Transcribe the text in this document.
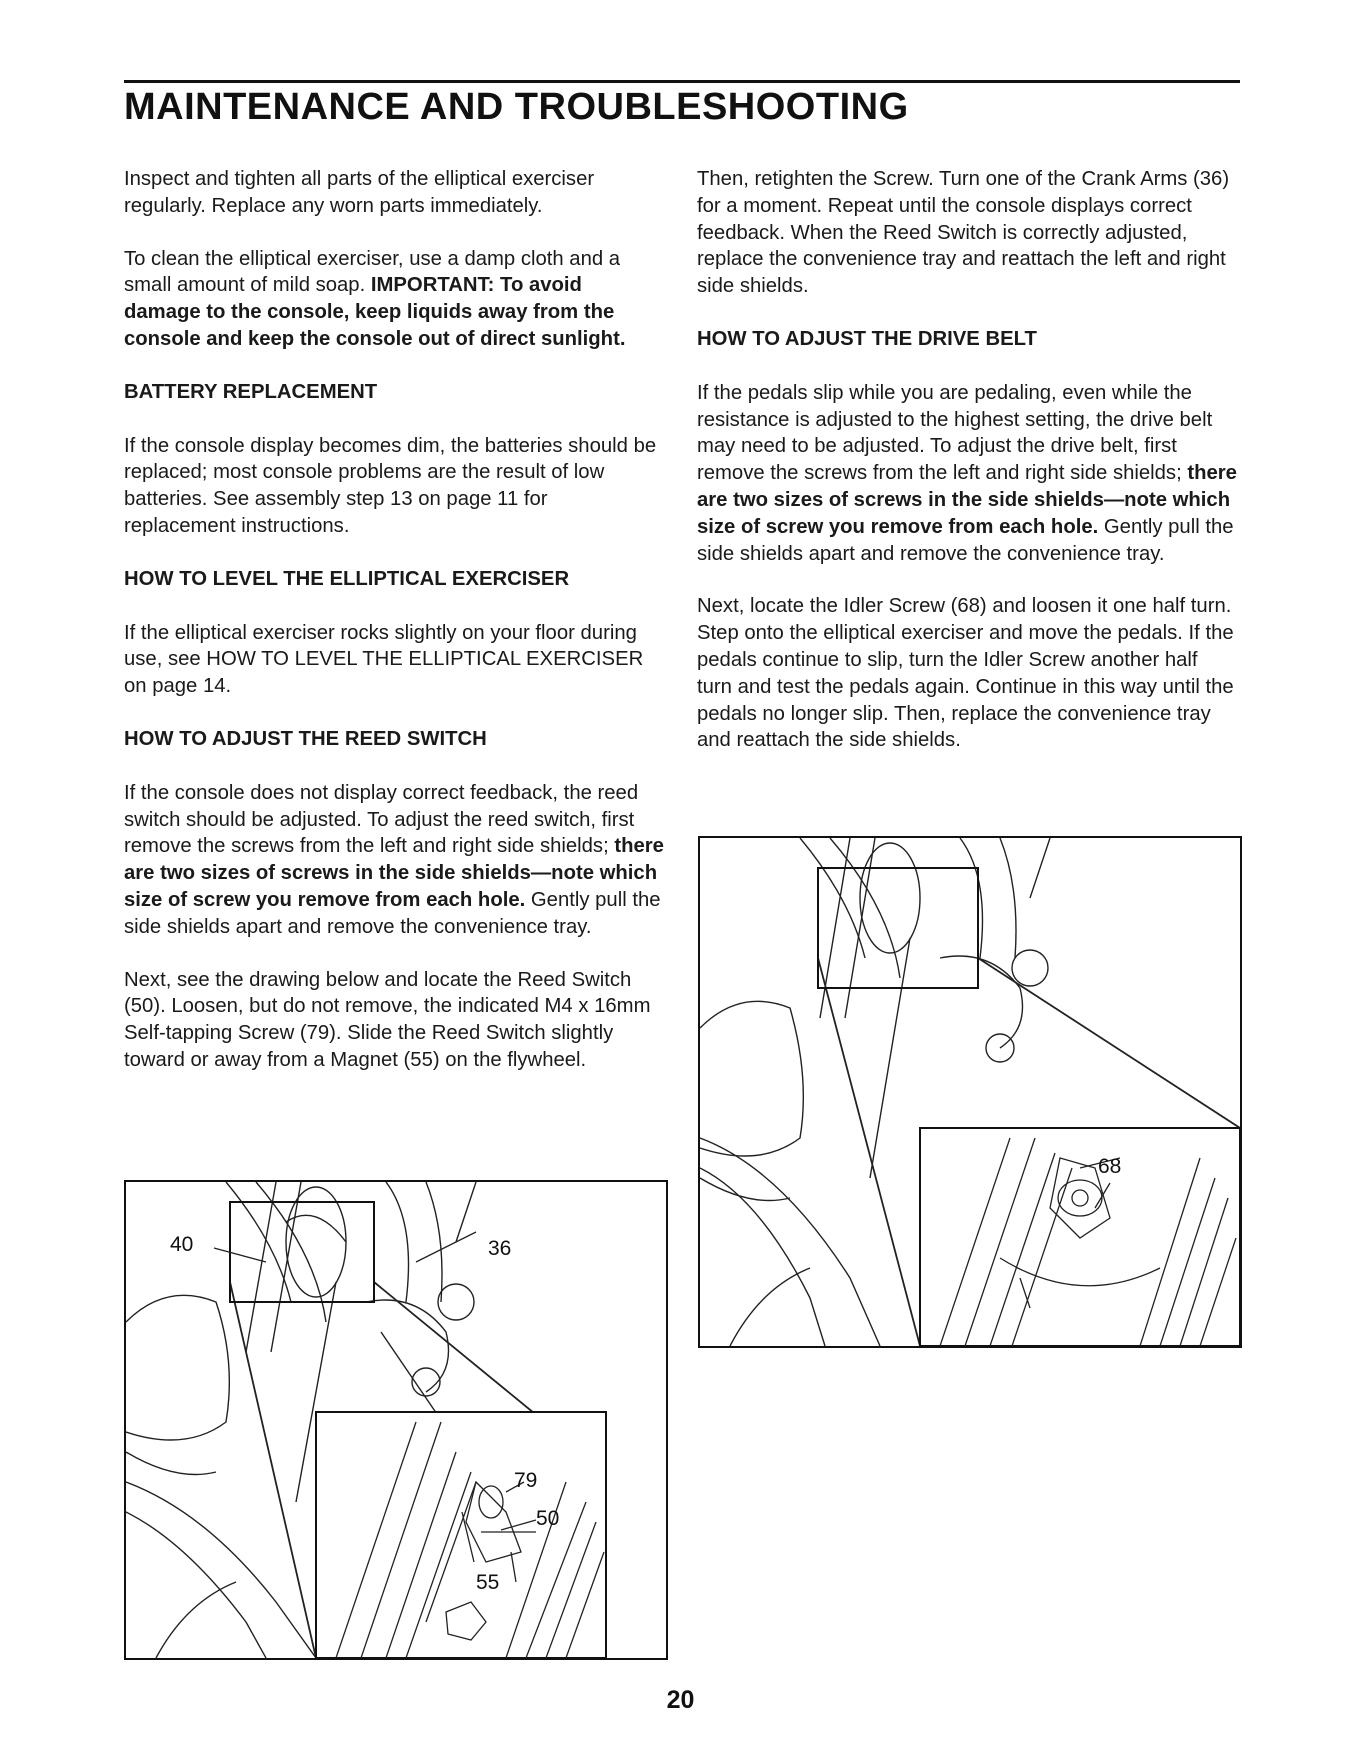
MAINTENANCE AND TROUBLESHOOTING

Inspect and tighten all parts of the elliptical exerciser regularly. Replace any worn parts immediately.

To clean the elliptical exerciser, use a damp cloth and a small amount of mild soap. IMPORTANT: To avoid damage to the console, keep liquids away from the console and keep the console out of direct sunlight.

BATTERY REPLACEMENT

If the console display becomes dim, the batteries should be replaced; most console problems are the result of low batteries. See assembly step 13 on page 11 for replacement instructions.

HOW TO LEVEL THE ELLIPTICAL EXERCISER

If the elliptical exerciser rocks slightly on your floor during use, see HOW TO LEVEL THE ELLIPTICAL EXERCISER on page 14.

HOW TO ADJUST THE REED SWITCH

If the console does not display correct feedback, the reed switch should be adjusted. To adjust the reed switch, first remove the screws from the left and right side shields; there are two sizes of screws in the side shields—note which size of screw you remove from each hole. Gently pull the side shields apart and remove the convenience tray.

Next, see the drawing below and locate the Reed Switch (50). Loosen, but do not remove, the indicated M4 x 16mm Self-tapping Screw (79). Slide the Reed Switch slightly toward or away from a Magnet (55) on the flywheel.

Then, retighten the Screw. Turn one of the Crank Arms (36) for a moment. Repeat until the console displays correct feedback. When the Reed Switch is correctly adjusted, replace the convenience tray and reattach the left and right side shields.

HOW TO ADJUST THE DRIVE BELT

If the pedals slip while you are pedaling, even while the resistance is adjusted to the highest setting, the drive belt may need to be adjusted. To adjust the drive belt, first remove the screws from the left and right side shields; there are two sizes of screws in the side shields—note which size of screw you remove from each hole. Gently pull the side shields apart and remove the convenience tray.

Next, locate the Idler Screw (68) and loosen it one half turn. Step onto the elliptical exerciser and move the pedals. If the pedals continue to slip, turn the Idler Screw another half turn and test the pedals again. Continue in this way until the pedals no longer slip. Then, replace the convenience tray and reattach the side shields.

40	36
79
50
55
68

20
